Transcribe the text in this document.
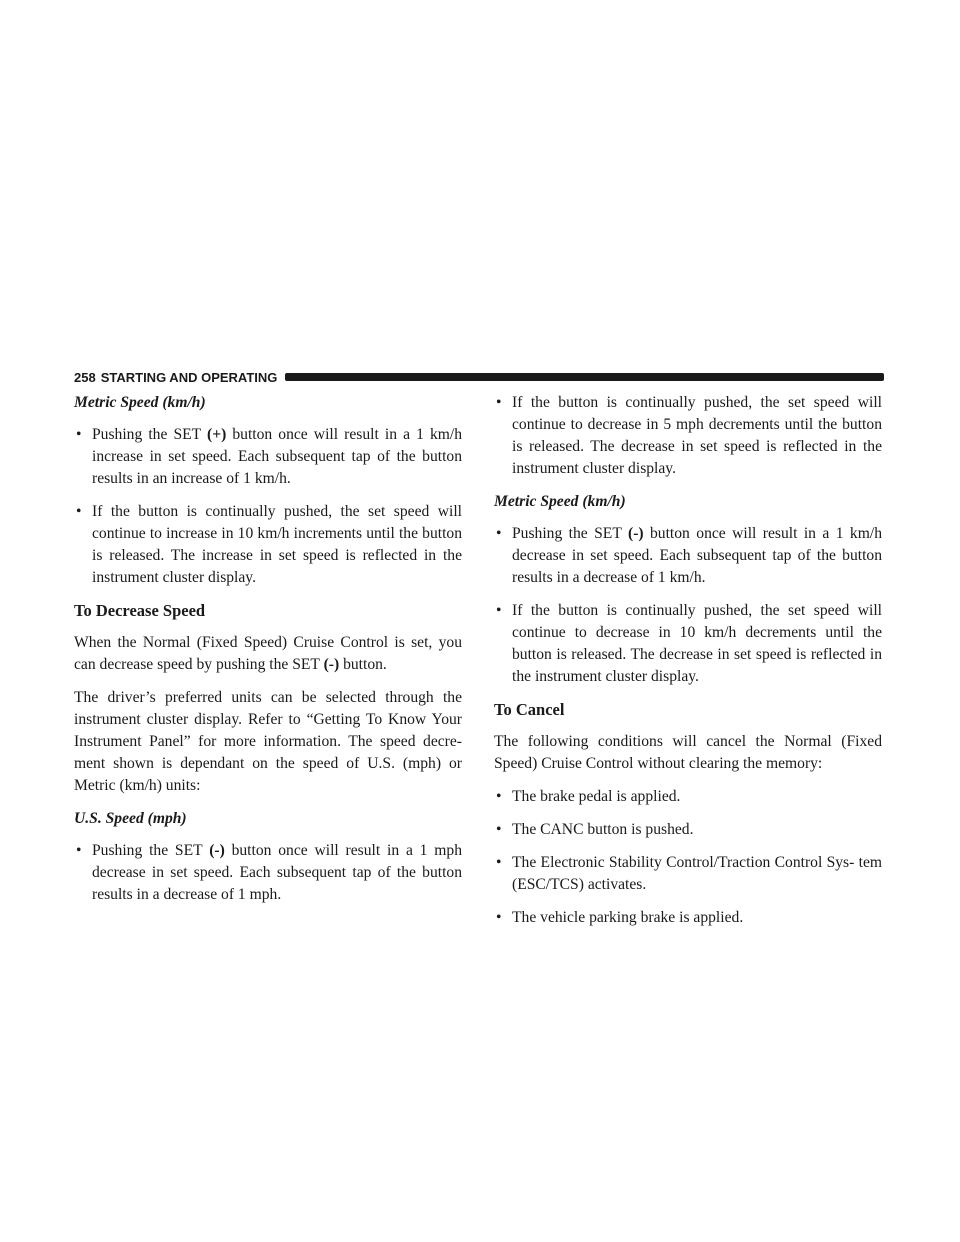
258 STARTING AND OPERATING
Metric Speed (km/h)
• Pushing the SET (+) button once will result in a 1 km/h increase in set speed. Each subsequent tap of the button results in an increase of 1 km/h.
• If the button is continually pushed, the set speed will continue to increase in 10 km/h increments until the button is released. The increase in set speed is reflected in the instrument cluster display.
To Decrease Speed

When the Normal (Fixed Speed) Cruise Control is set, you can decrease speed by pushing the SET (-) button.

The driver’s preferred units can be selected through the instrument cluster display. Refer to “Getting To Know Your Instrument Panel” for more information. The speed decre- ment shown is dependant on the speed of U.S. (mph) or Metric (km/h) units:

U.S. Speed (mph)
• Pushing the SET (-) button once will result in a 1 mph decrease in set speed. Each subsequent tap of the button results in a decrease of 1 mph.
• If the button is continually pushed, the set speed will continue to decrease in 5 mph decrements until the button is released. The decrease in set speed is reflected in the instrument cluster display.
Metric Speed (km/h)
• Pushing the SET (-) button once will result in a 1 km/h decrease in set speed. Each subsequent tap of the button results in a decrease of 1 km/h.
• If the button is continually pushed, the set speed will continue to decrease in 10 km/h decrements until the button is released. The decrease in set speed is reflected in the instrument cluster display.
To Cancel

The following conditions will cancel the Normal (Fixed Speed) Cruise Control without clearing the memory:

• The brake pedal is applied.
• The CANC button is pushed.
• The Electronic Stability Control/Traction Control Sys- tem (ESC/TCS) activates.
• The vehicle parking brake is applied.
